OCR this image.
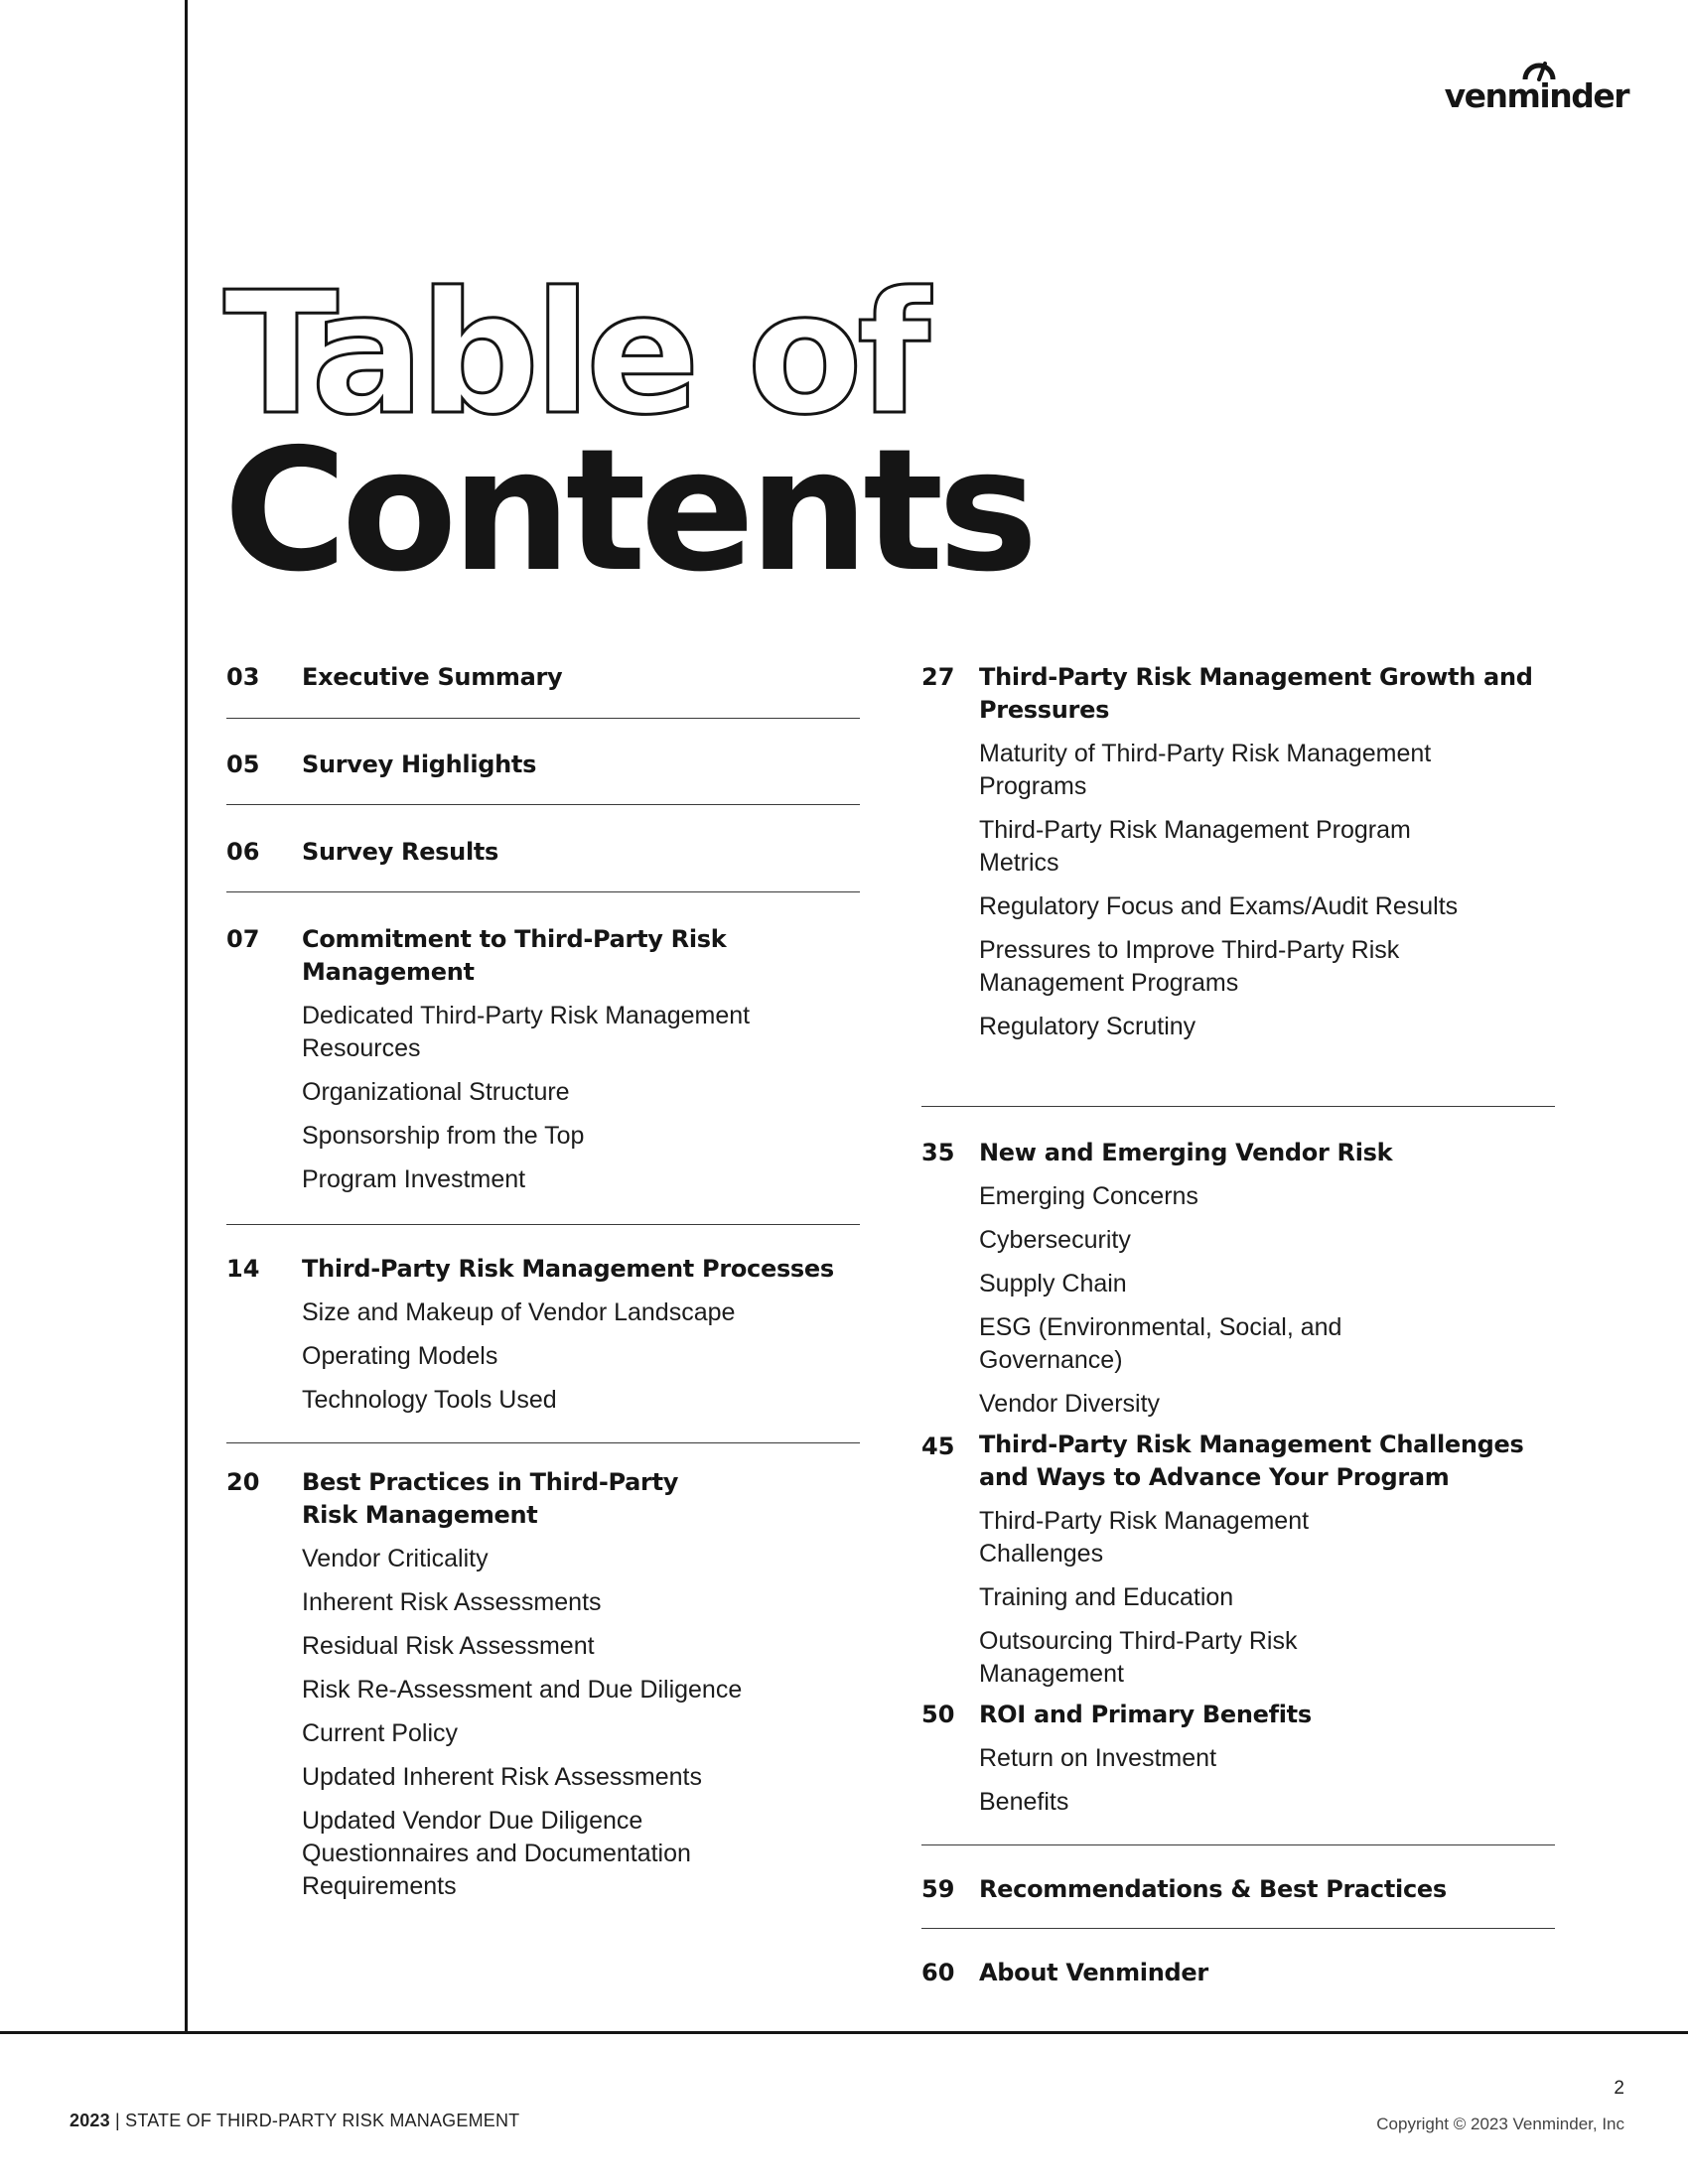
venminder
Table of
Contents
03	Executive Summary
05	Survey Highlights
06	Survey Results
07	Commitment to Third-Party Risk Management
Dedicated Third-Party Risk Management Resources
Organizational Structure
Sponsorship from the Top
Program Investment
14	Third-Party Risk Management Processes
Size and Makeup of Vendor Landscape
Operating Models
Technology Tools Used
20	Best Practices in Third-Party Risk Management
Vendor Criticality
Inherent Risk Assessments
Residual Risk Assessment
Risk Re-Assessment and Due Diligence
Current Policy
Updated Inherent Risk Assessments
Updated Vendor Due Diligence Questionnaires and Documentation Requirements
27	Third-Party Risk Management Growth and Pressures
Maturity of Third-Party Risk Management Programs
Third-Party Risk Management Program Metrics
Regulatory Focus and Exams/Audit Results
Pressures to Improve Third-Party Risk Management Programs
Regulatory Scrutiny
35	New and Emerging Vendor Risk
Emerging Concerns
Cybersecurity
Supply Chain
ESG (Environmental, Social, and Governance)
Vendor Diversity
45	Third-Party Risk Management Challenges and Ways to Advance Your Program
Third-Party Risk Management Challenges
Training and Education
Outsourcing Third-Party Risk Management
50	ROI and Primary Benefits
Return on Investment
Benefits
59	Recommendations & Best Practices
60	About Venminder
2023 | STATE OF THIRD-PARTY RISK MANAGEMENT
2
Copyright © 2023 Venminder, Inc
